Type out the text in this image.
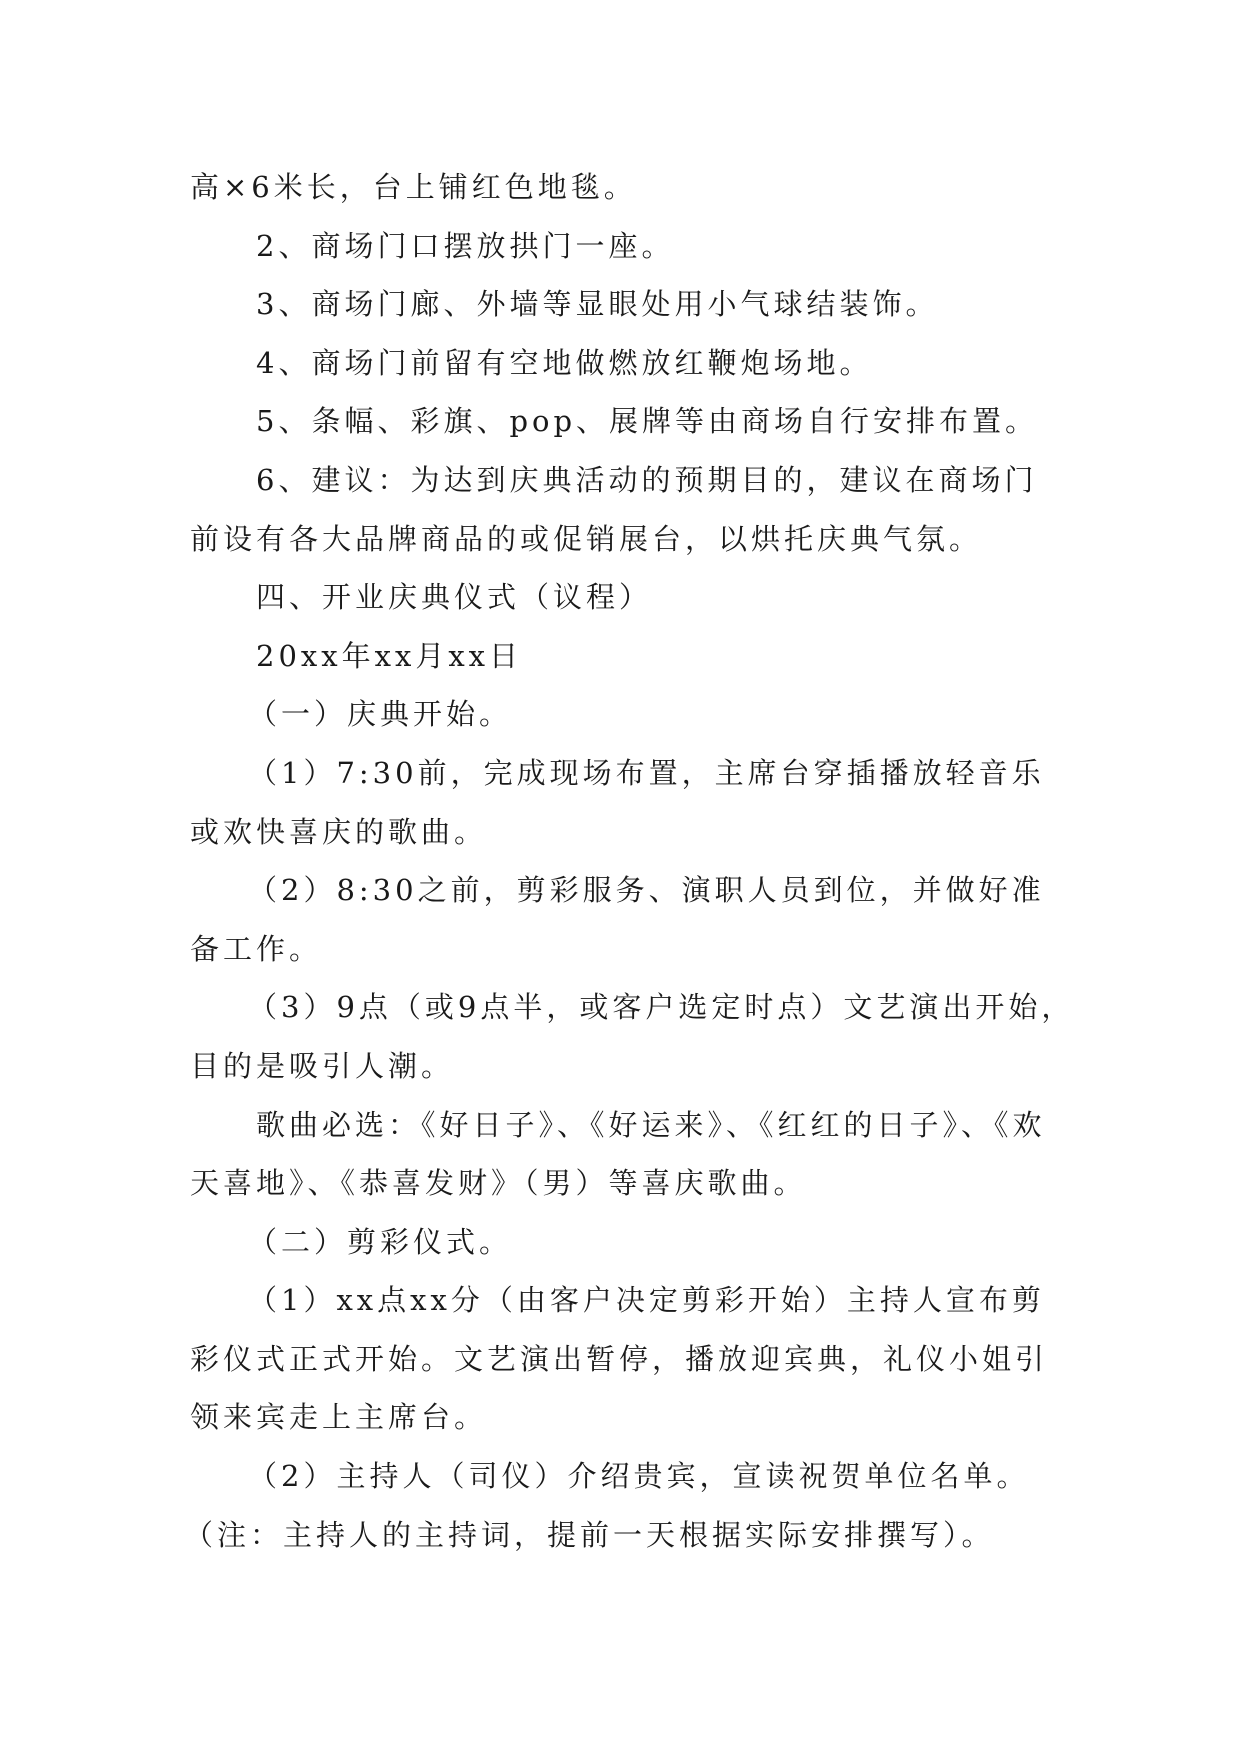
高×6米长，台上铺红色地毯。
2、商场门口摆放拱门一座。
3、商场门廊、外墙等显眼处用小气球结装饰。
4、商场门前留有空地做燃放红鞭炮场地。
5、条幅、彩旗、pop、展牌等由商场自行安排布置。
6、建议：为达到庆典活动的预期目的，建议在商场门
前设有各大品牌商品的或促销展台，以烘托庆典气氛。
四、开业庆典仪式（议程）
20xx年xx月xx日
（一）庆典开始。
（1）7:30前，完成现场布置，主席台穿插播放轻音乐
或欢快喜庆的歌曲。
（2）8:30之前，剪彩服务、演职人员到位，并做好准
备工作。
（3）9点（或9点半，或客户选定时点）文艺演出开始，
目的是吸引人潮。
歌曲必选：《好日子》、《好运来》、《红红的日子》、《欢
天喜地》、《恭喜发财》（男）等喜庆歌曲。
（二）剪彩仪式。
（1）xx点xx分（由客户决定剪彩开始）主持人宣布剪
彩仪式正式开始。文艺演出暂停，播放迎宾典，礼仪小姐引
领来宾走上主席台。
（2）主持人（司仪）介绍贵宾，宣读祝贺单位名单。
（注：主持人的主持词，提前一天根据实际安排撰写）。
